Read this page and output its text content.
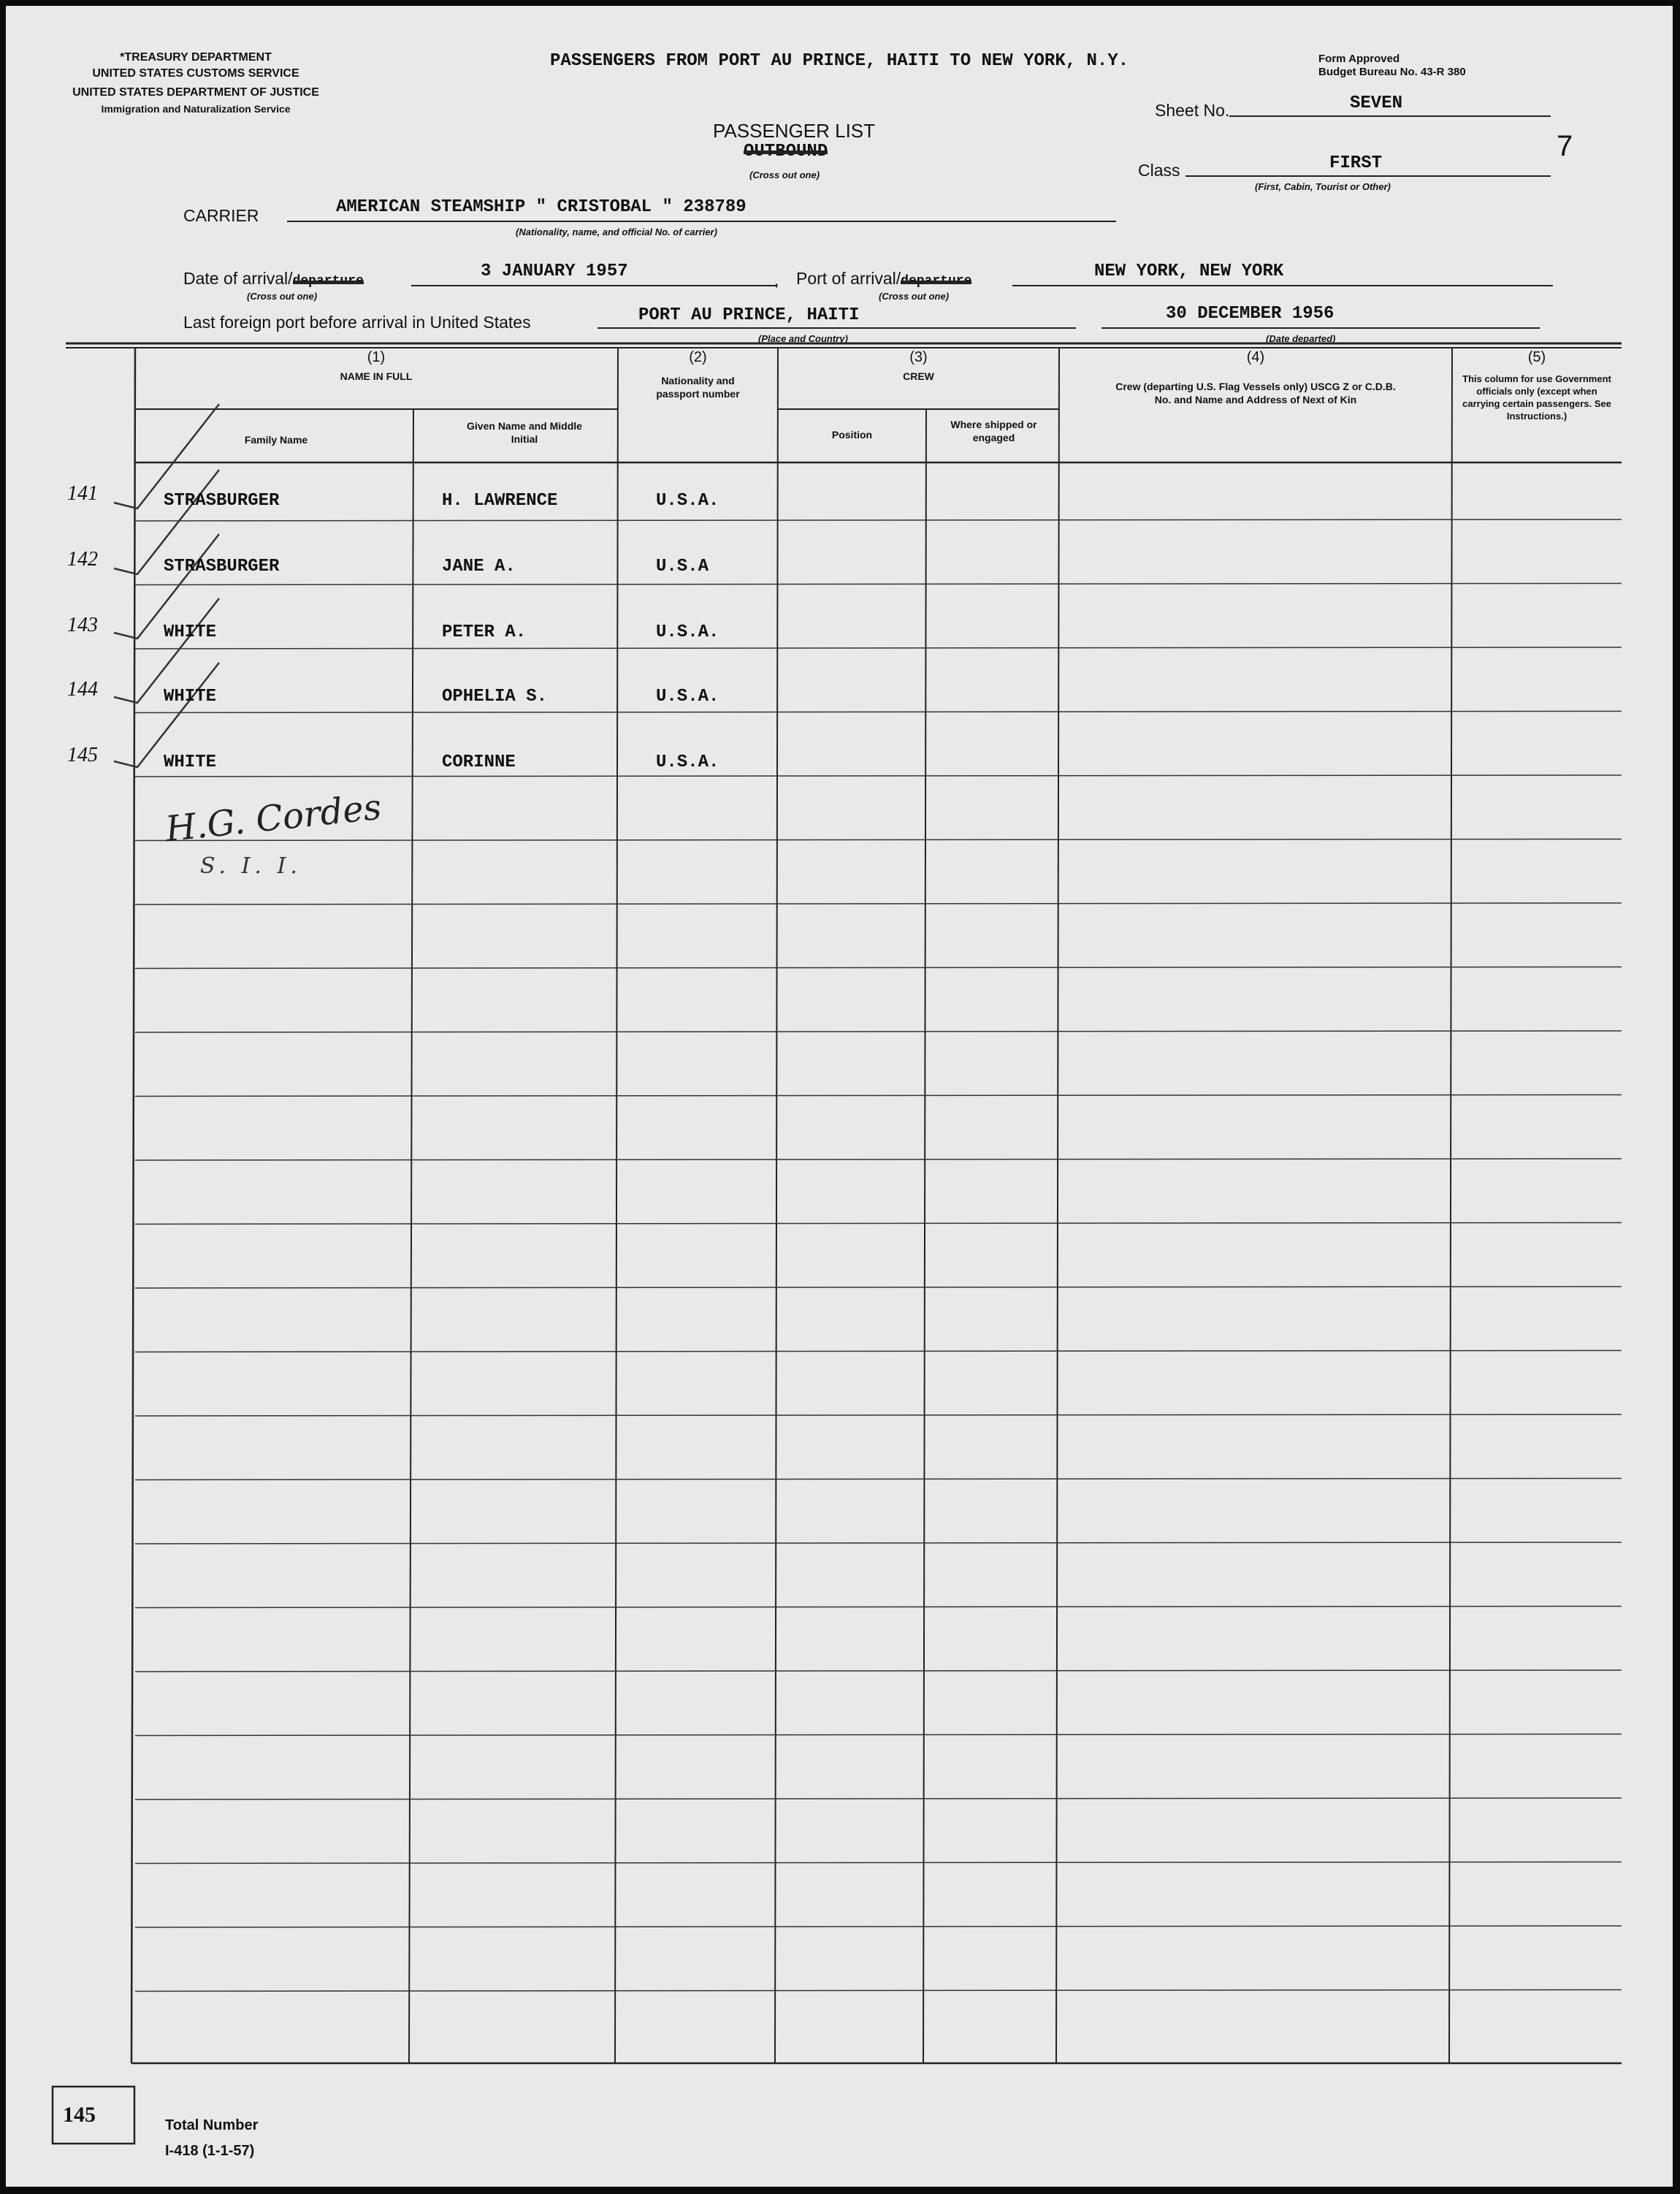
*TREASURY DEPARTMENT
UNITED STATES CUSTOMS SERVICE
UNITED STATES DEPARTMENT OF JUSTICE
Immigration and Naturalization Service
PASSENGERS FROM PORT AU PRINCE, HAITI TO NEW YORK, N.Y.	Form Approved
Budget Bureau No. 43-R 380
PASSENGER LIST
OUTBOUND
(Cross out one)
Sheet No.	SEVEN
7
Class	FIRST
(First, Cabin, Tourist or Other)
CARRIER	AMERICAN STEAMSHIP " CRISTOBAL " 238789
(Nationality, name, and official No. of carrier)
Date of arrival/departure	3 JANUARY 1957	,
(Cross out one)
Port of arrival/departure	NEW YORK, NEW YORK
(Cross out one)
Last foreign port before arrival in United States	PORT AU PRINCE, HAITI
(Place and Country)
30 DECEMBER 1956
(Date departed)
(1)
NAME IN FULL
Family Name
Given Name and Middle Initial
(2)
Nationality and passport number
(3)
CREW
Position
Where shipped or engaged
(4)
Crew (departing U.S. Flag Vessels only) USCG Z or C.D.B. No. and Name and Address of Next of Kin
(5)
This column for use Government officials only (except when carrying certain passengers. See Instructions.)
141	STRASBURGER	H. LAWRENCE	U.S.A.
142	STRASBURGER	JANE A.	U.S.A
143	WHITE	PETER A.	U.S.A.
144	WHITE	OPHELIA S.	U.S.A.
145	WHITE	CORINNE	U.S.A.
H.G. Cordes
S. I. I.
145	Total Number
I-418 (1-1-57)
